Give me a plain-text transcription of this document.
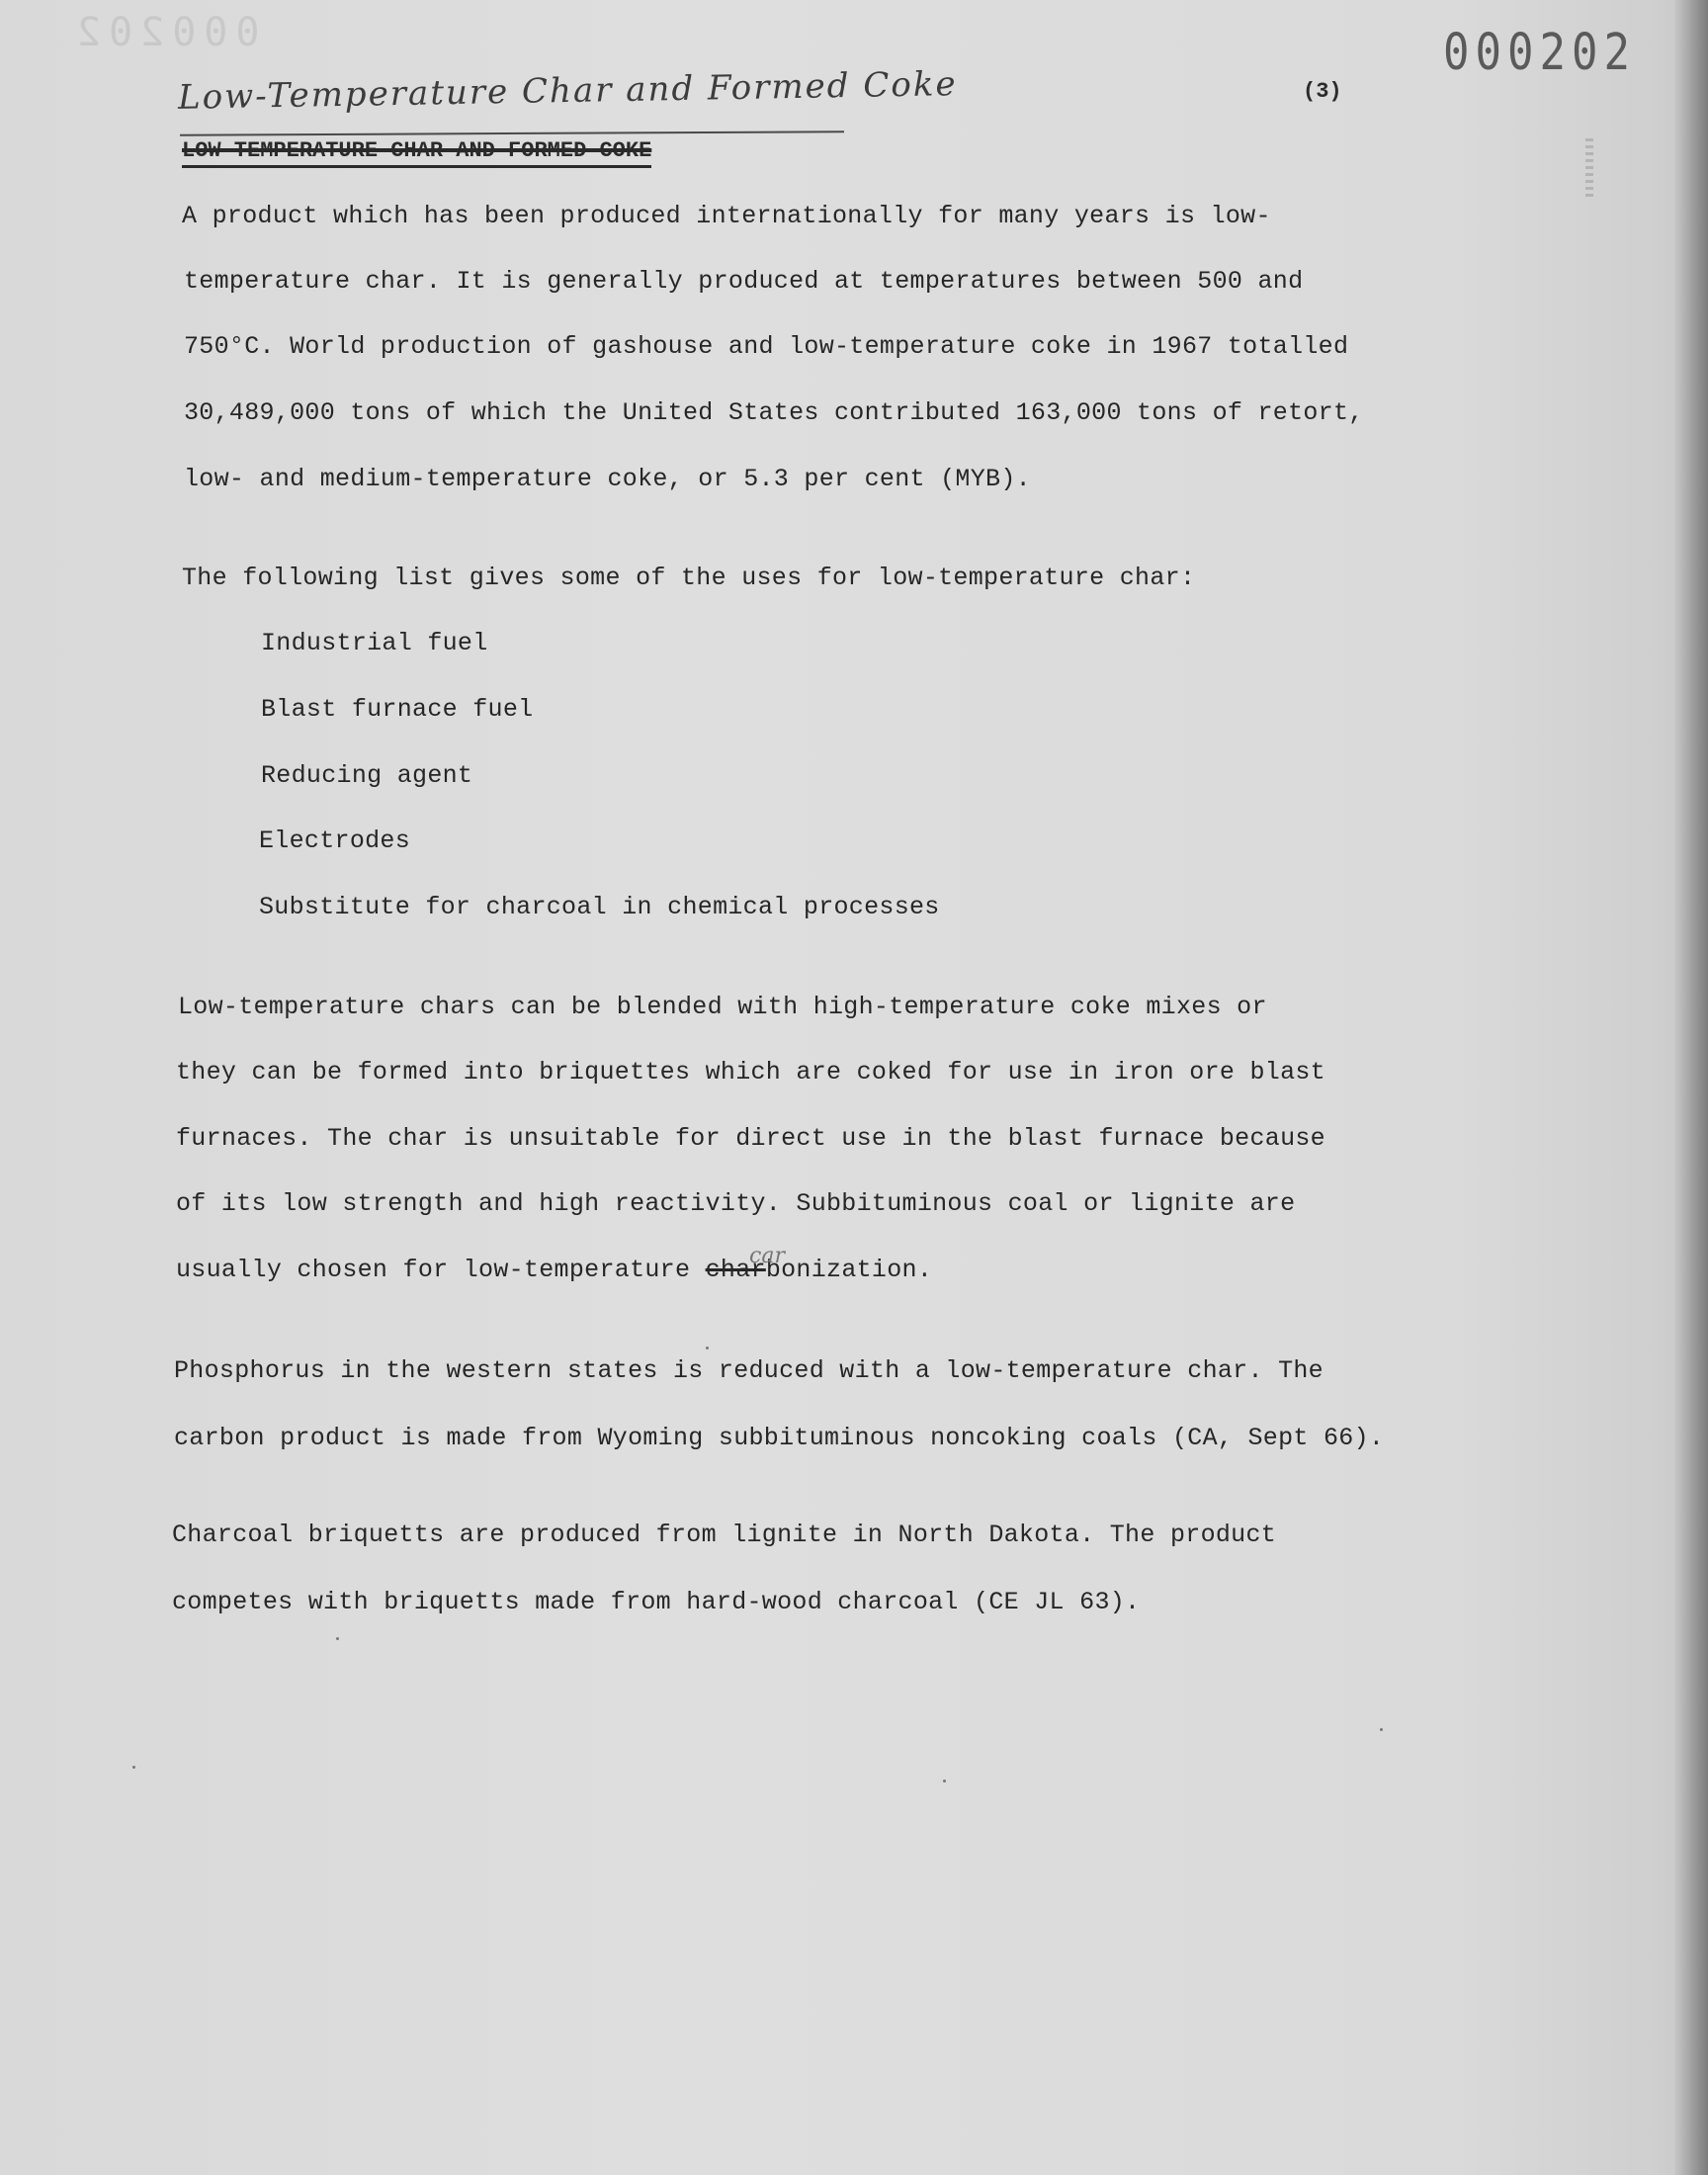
000202	000202
(3)
Low-Temperature Char and Formed Coke
LOW-TEMPERATURE CHAR AND FORMED COKE
A product which has been produced internationally for many years is low-
temperature char. It is generally produced at temperatures between 500 and
750°C. World production of gashouse and low-temperature coke in 1967 totalled
30,489,000 tons of which the United States contributed 163,000 tons of retort,
low- and medium-temperature coke, or 5.3 per cent (MYB).
The following list gives some of the uses for low-temperature char:
Industrial fuel
Blast furnace fuel
Reducing agent
Electrodes
Substitute for charcoal in chemical processes
Low-temperature chars can be blended with high-temperature coke mixes or
they can be formed into briquettes which are coked for use in iron ore blast
furnaces. The char is unsuitable for direct use in the blast furnace because
of its low strength and high reactivity. Subbituminous coal or lignite are
usually chosen for low-temperature charbonization.
car
Phosphorus in the western states is reduced with a low-temperature char. The
carbon product is made from Wyoming subbituminous noncoking coals (CA, Sept 66).
Charcoal briquetts are produced from lignite in North Dakota. The product
competes with briquetts made from hard-wood charcoal (CE JL 63).
